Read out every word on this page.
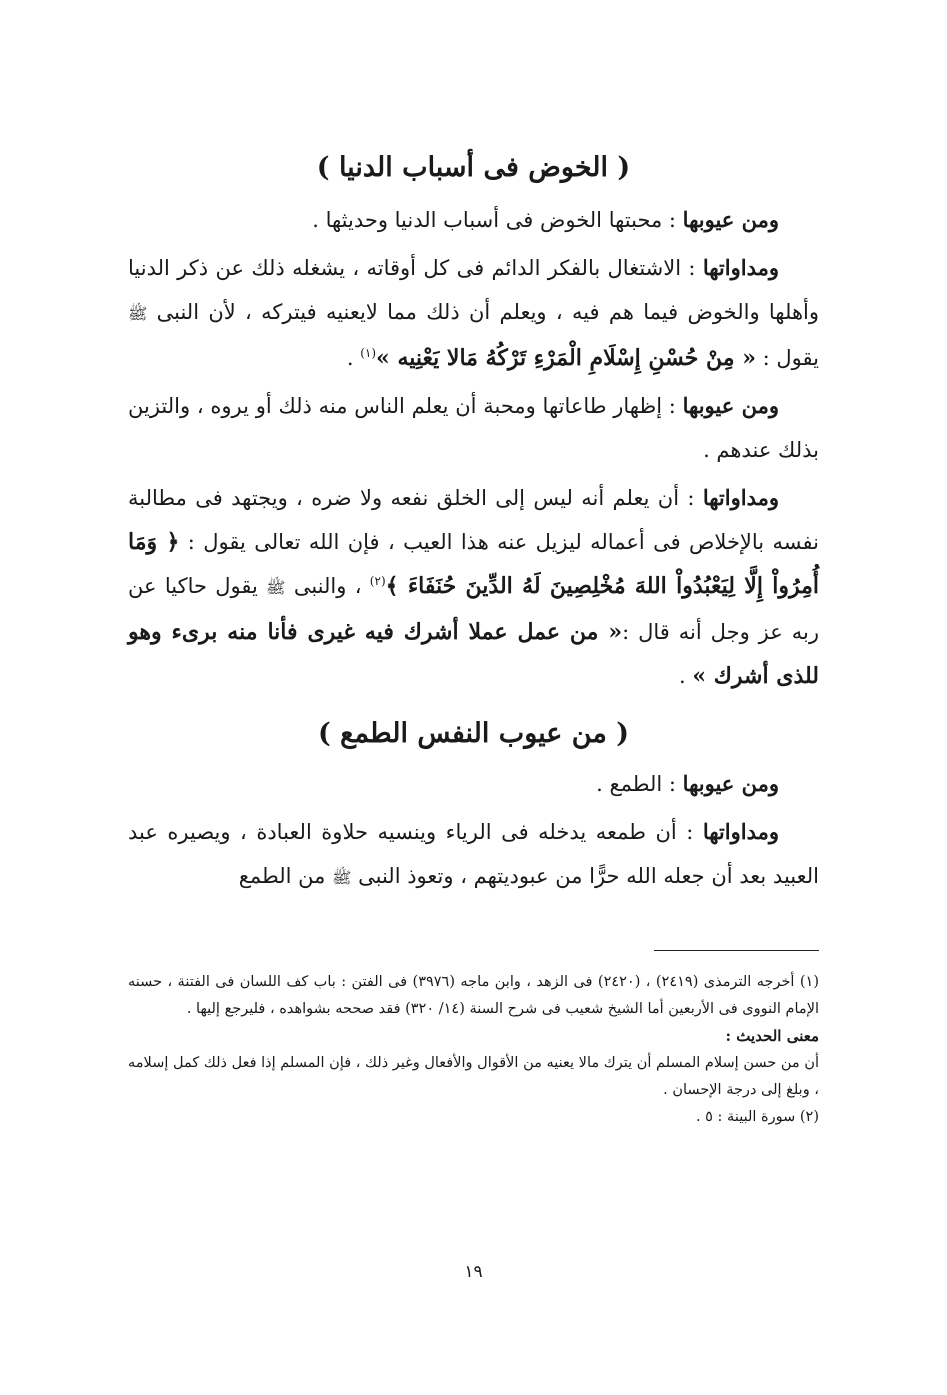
( الخوض فى أسباب الدنيا )

ومن عيوبها : محبتها الخوض فى أسباب الدنيا وحديثها .

ومداواتها : الاشتغال بالفكر الدائم فى كل أوقاته ، يشغله ذلك عن ذكر الدنيا وأهلها والخوض فيما هم فيه ، ويعلم أن ذلك مما لايعنيه فيتركه ، لأن النبى ﷺ يقول : « مِنْ حُسْنِ إِسْلَامِ الْمَرْءِ تَرْكُهُ مَالا يَعْنِيه »$^{(١)}$ .

ومن عيوبها : إظهار طاعاتها ومحبة أن يعلم الناس منه ذلك أو يروه ، والتزين بذلك عندهم .

ومداواتها : أن يعلم أنه ليس إلى الخلق نفعه ولا ضره ، ويجتهد فى مطالبة نفسه بالإخلاص فى أعماله ليزيل عنه هذا العيب ، فإن الله تعالى يقول : ﴿ وَمَا أُمِرُواْ إِلَّا لِيَعْبُدُواْ اللهَ مُخْلِصِينَ لَهُ الدِّينَ حُنَفَاءَ ﴾$^{(٢)}$ ، والنبى ﷺ يقول حاكيا عن ربه عز وجل أنه قال :« من عمل عملا أشرك فيه غيرى فأنا منه برىء وهو للذى أشرك » .

( من عيوب النفس الطمع )

ومن عيوبها : الطمع .

ومداواتها : أن طمعه يدخله فى الرياء وينسيه حلاوة العبادة ، ويصيره عبد العبيد بعد أن جعله الله حرًّا من عبوديتهم ، وتعوذ النبى ﷺ من الطمع

(١) أخرجه الترمذى (٢٤١٩) ، (٢٤٢٠) فى الزهد ، وابن ماجه (٣٩٧٦) فى الفتن : باب كف اللسان فى الفتنة ، حسنه الإمام النووى فى الأربعين أما الشيخ شعيب فى شرح السنة (١٤/ ٣٢٠) فقد صححه بشواهده ، فليرجع إليها .

معنى الحديث :

أن من حسن إسلام المسلم أن يترك مالا يعنيه من الأقوال والأفعال وغير ذلك ، فإن المسلم إذا فعل ذلك كمل إسلامه ، وبلغ إلى درجة الإحسان .

(٢) سورة البينة : ٥ .

١٩
